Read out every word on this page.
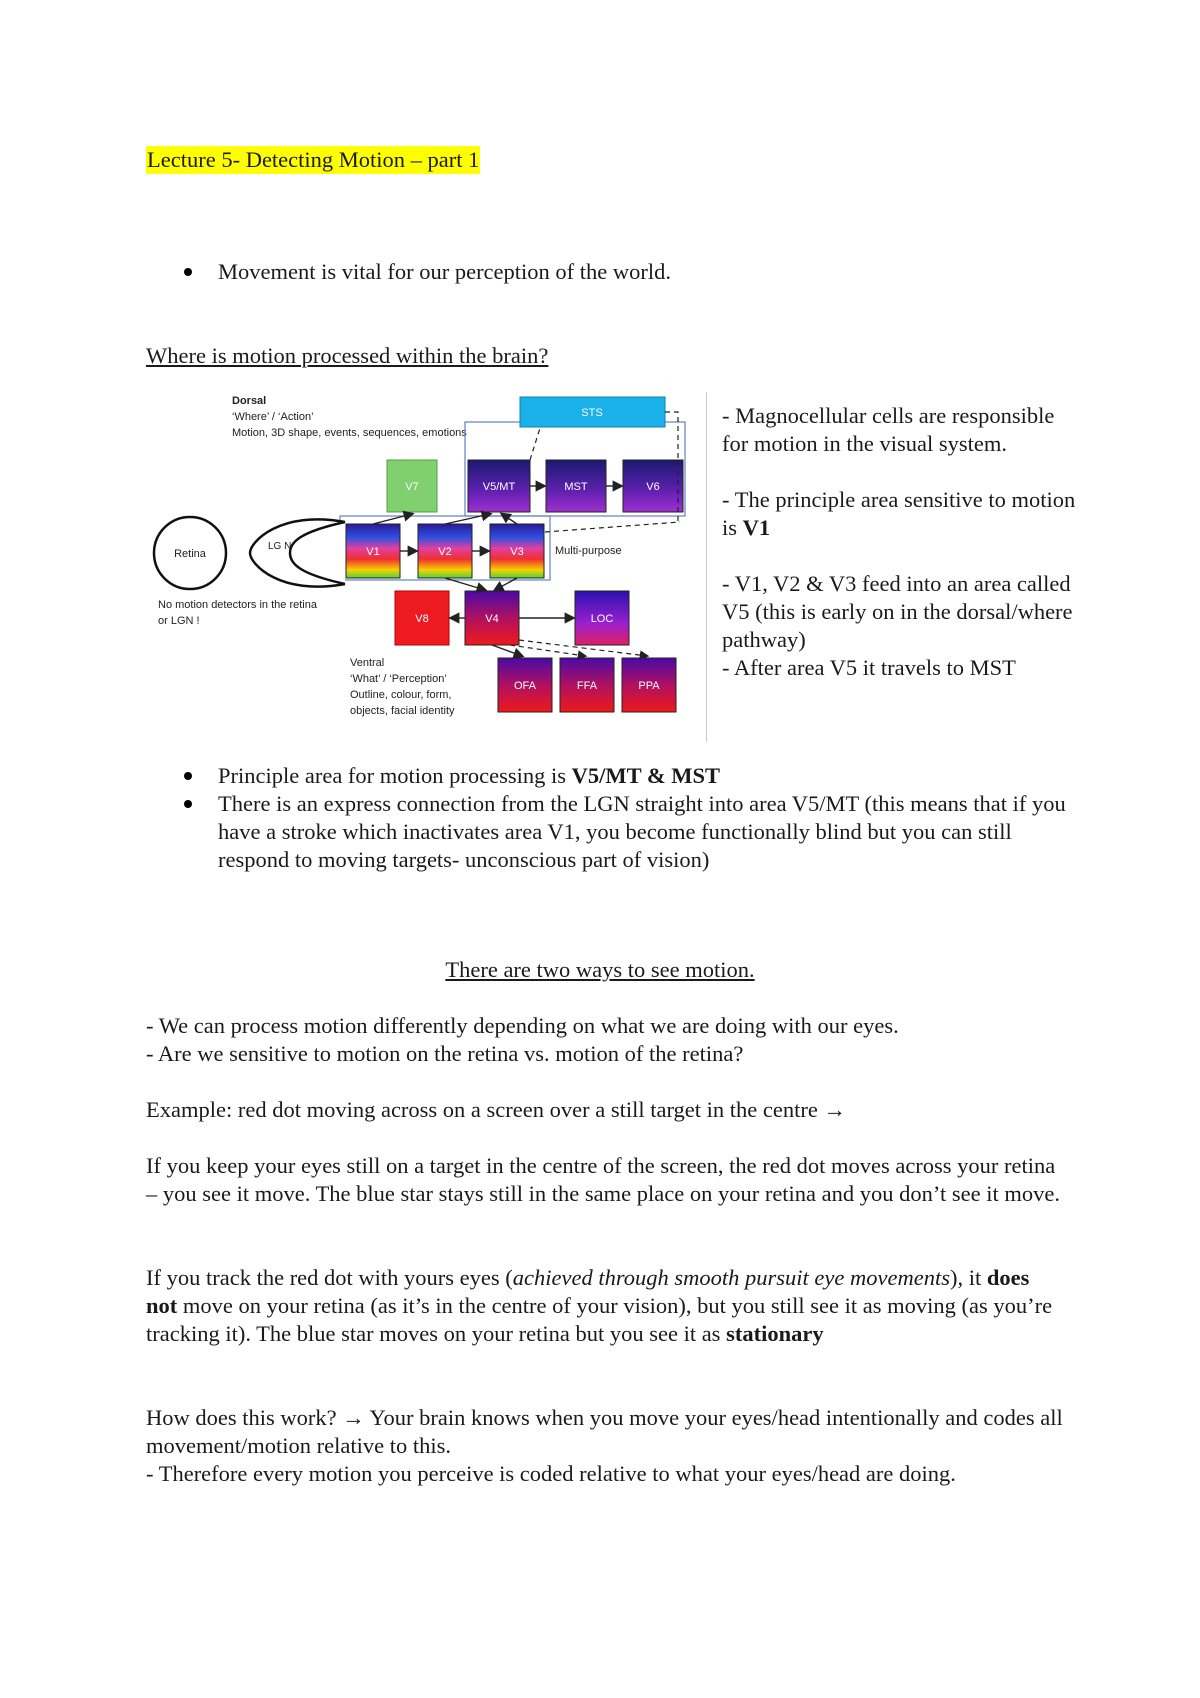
Lecture 5- Detecting Motion – part 1
Movement is vital for our perception of the world.
Where is motion processed within the brain?
Dorsal
‘Where’ / ‘Action’
Motion, 3D shape, events, sequences, emotions
STS
V7	V5/MT	MST	V6
Retina
LG N	V1	V2	V3	Multi-purpose
No motion detectors in the retina
or LGN !	V8	V4	LOC
Ventral
‘What’ / ‘Perception’
Outline, colour, form,
objects, facial identity
OFA	FFA	PPA

- Magnocellular cells are responsible for motion in the visual system.

- The principle area sensitive to motion is V1

- V1, V2 & V3 feed into an area called V5 (this is early on in the dorsal/where pathway)

- After area V5 it travels to MST

Principle area for motion processing is V5/MT & MST
There is an express connection from the LGN straight into area V5/MT (this means that if you have a stroke which inactivates area V1, you become functionally blind but you can still respond to moving targets- unconscious part of vision)
There are two ways to see motion.

- We can process motion differently depending on what we are doing with our eyes.

- Are we sensitive to motion on the retina vs. motion of the retina?

Example: red dot moving across on a screen over a still target in the centre →
If you keep your eyes still on a target in the centre of the screen, the red dot moves across your retina – you see it move. The blue star stays still in the same place on your retina and you don’t see it move.
If you track the red dot with yours eyes (achieved through smooth pursuit eye movements), it does not move on your retina (as it’s in the centre of your vision), but you still see it as moving (as you’re tracking it). The blue star moves on your retina but you see it as stationary

How does this work? → Your brain knows when you move your eyes/head intentionally and codes all movement/motion relative to this.

- Therefore every motion you perceive is coded relative to what your eyes/head are doing.
